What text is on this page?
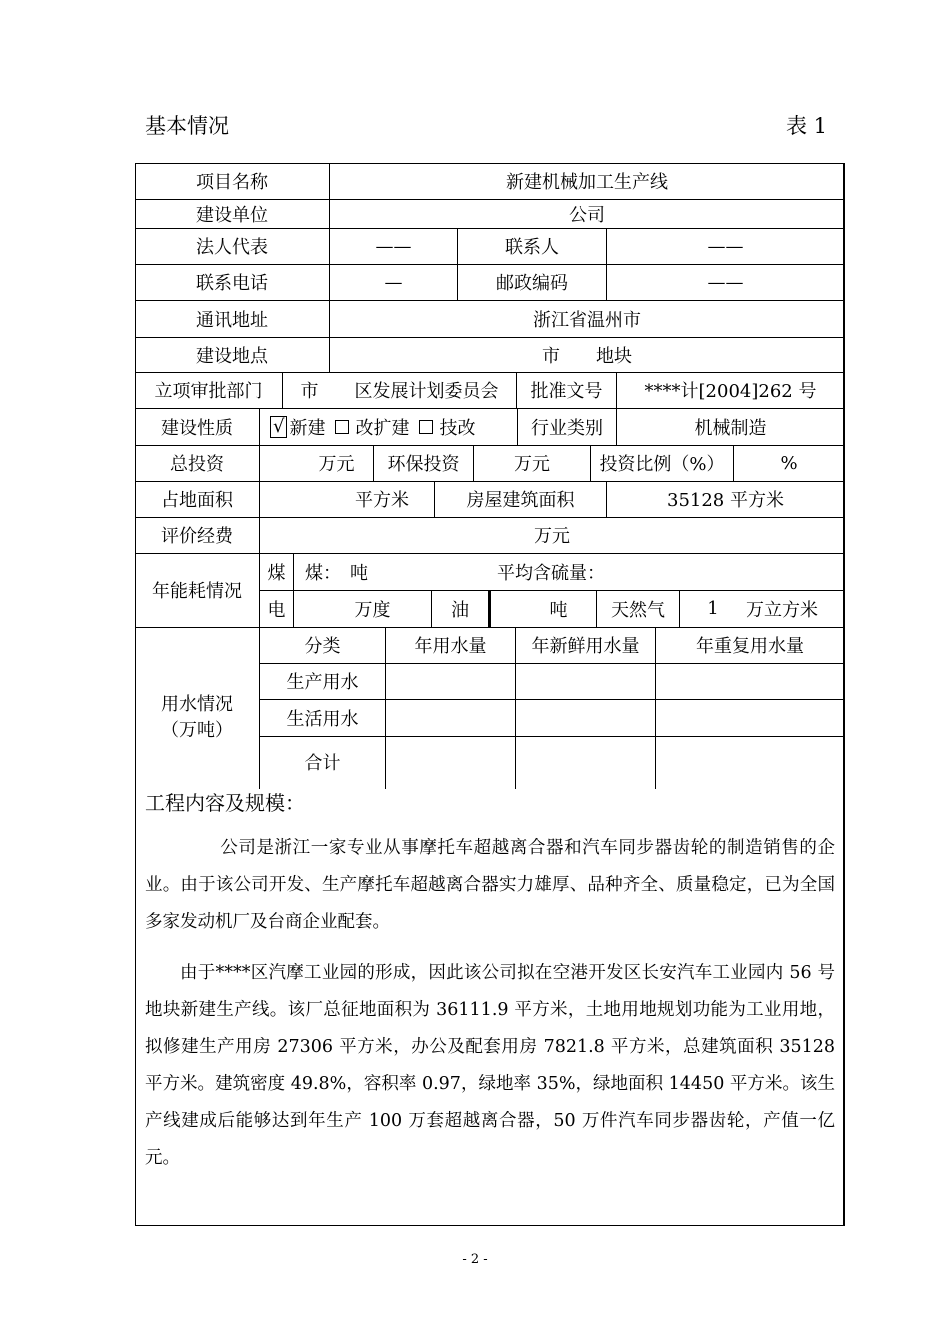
基本情况	表 1
项目名称	新建机械加工生产线
建设单位	公司
法人代表	——	联系人	——
联系电话	—	邮政编码	——
通讯地址	浙江省温州市
建设地点	市　　地块
立项审批部门	市　　区发展计划委员会	批准文号	****计[2004]262 号
建设性质	√ 新建 改扩建 技改	行业类别	机械制造
总投资	万元	环保投资	万元	投资比例（%）	%
占地面积	平方米	房屋建筑面积	35128 平方米
评价经费	万元
年能耗情况
煤	煤：　吨	平均含硫量：
电	万度	油	吨	天然气	1	万立方米
用水情况
（万吨）
分类	年用水量	年新鲜用水量	年重复用水量
生产用水
生活用水
合计
工程内容及规模：

公司是浙江一家专业从事摩托车超越离合器和汽车同步器齿轮的制造销售的企业。由于该公司开发、生产摩托车超越离合器实力雄厚、品种齐全、质量稳定，已为全国多家发动机厂及台商企业配套。

由于****区汽摩工业园的形成，因此该公司拟在空港开发区长安汽车工业园内 56 号地块新建生产线。该厂总征地面积为 36111.9 平方米，土地用地规划功能为工业用地，拟修建生产用房 27306 平方米，办公及配套用房 7821.8 平方米，总建筑面积 35128 平方米。建筑密度 49.8%，容积率 0.97，绿地率 35%，绿地面积 14450 平方米。该生产线建成后能够达到年生产 100 万套超越离合器，50 万件汽车同步器齿轮，产值一亿元。

- 2 -
